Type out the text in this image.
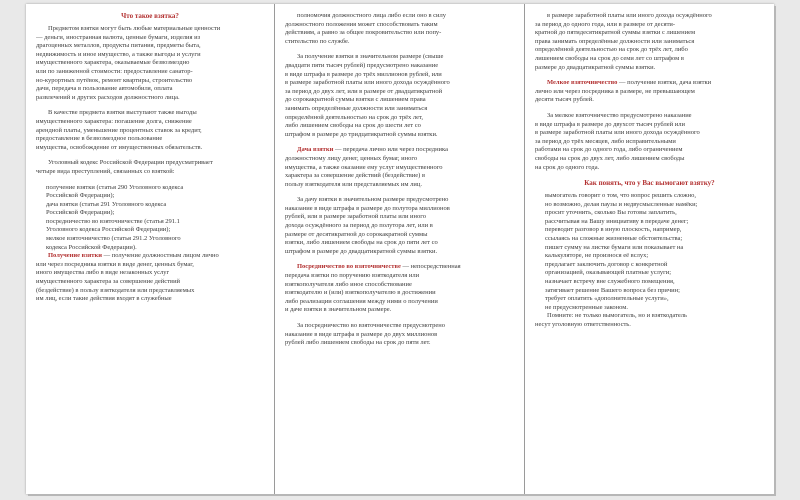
Что такое взятка?
Предметом взятки могут быть любые материальные ценности
— деньги, иностранная валюта, ценные бумаги, изделия из
драгоценных металлов, продукты питания, предметы быта,
недвижимость и иное имущество, а также выгоды и услуги
имущественного характера, оказываемые безвозмездно
или по заниженной стоимости: предоставление санатор-
но-курортных путёвок, ремонт квартиры, строительство
дачи, передача в пользование автомобиля, оплата
развлечений и других расходов должностного лица.
В качестве предмета взятки выступают также выгоды
имущественного характера: погашение долга, снижение
арендной платы, уменьшение процентных ставок за кредит,
предоставление в безвозмездное пользование
имущества, освобождение от имущественных обязательств.
Уголовный кодекс Российской Федерации предусматривает
четыре вида преступлений, связанных со взяткой:
получение взятки (статья 290 Уголовного кодекса
Российской Федерации);
дача взятки (статья 291 Уголовного кодекса
Российской Федерации);
посредничество во взяточничестве (статья 291.1
Уголовного кодекса Российской Федерации);
мелкое взяточничество (статья 291.2 Уголовного
кодекса Российской Федерации).
Получение взятки — получение должностным лицом лично
или через посредника взятки в виде денег, ценных бумаг,
иного имущества либо в виде незаконных услуг
имущественного характера за совершение действий
(бездействие) в пользу взяткодателя или представляемых
им лиц, если такие действия входят в служебные
полномочия должностного лица либо если оно в силу
должностного положения может способствовать таким
действиям, а равно за общее покровительство или попу-
стительство по службе.
За получение взятки в значительном размере (свыше
двадцати пяти тысяч рублей) предусмотрено наказание
в виде штрафа в размере до трёх миллионов рублей, или
в размере заработной платы или иного дохода осуждённого
за период до двух лет, или в размере от двадцатикратной
до сорокакратной суммы взятки с лишением права
занимать определённые должности или заниматься
определённой деятельностью на срок до трёх лет,
либо лишением свободы на срок до шести лет со
штрафом в размере до тридцатикратной суммы взятки.
Дача взятки — передача лично или через посредника
должностному лицу денег, ценных бумаг, иного
имущества, а также оказание ему услуг имущественного
характера за совершение действий (бездействие) в
пользу взяткодателя или представляемых им лиц.
За дачу взятки в значительном размере предусмотрено
наказание в виде штрафа в размере до полутора миллионов
рублей, или в размере заработной платы или иного
дохода осуждённого за период до полутора лет, или в
размере от десятикратной до сорокакратной суммы
взятки, либо лишением свободы на срок до пяти лет со
штрафом в размере до двадцатикратной суммы взятки.
Посредничество во взяточничестве — непосредственная
передача взятки по поручению взяткодателя или
взяткополучателя либо иное способствование
взяткодателю и (или) взяткополучателю в достижении
либо реализации соглашения между ними о получении
и даче взятки в значительном размере.
За посредничество во взяточничестве предусмотрено
наказание в виде штрафа в размере до двух миллионов
рублей либо лишением свободы на срок до пяти лет.
в размере заработной платы или иного дохода осуждённого
за период до одного года, или в размере от десяти-
кратной до пятидесятикратной суммы взятки с лишением
права занимать определённые должности или заниматься
определённой деятельностью на срок до трёх лет, либо
лишением свободы на срок до семи лет со штрафом в
размере до двадцатикратной суммы взятки.
Мелкое взяточничество — получение взятки, дача взятки
лично или через посредника в размере, не превышающем
десяти тысяч рублей.
За мелкое взяточничество предусмотрено наказание
в виде штрафа в размере до двухсот тысяч рублей или
в размере заработной платы или иного дохода осуждённого
за период до трёх месяцев, либо исправительными
работами на срок до одного года, либо ограничением
свободы на срок до двух лет, либо лишением свободы
на срок до одного года.
Как понять, что у Вас вымогают взятку?
вымогатель говорит о том, что вопрос решить сложно,
но возможно, делая паузы и недвусмысленные намёки;
просит уточнить, сколько Вы готовы заплатить,
рассчитывая на Вашу инициативу в передаче денег;
переводит разговор в иную плоскость, например,
ссылаясь на сложные жизненные обстоятельства;
пишет сумму на листке бумаги или показывает на
калькуляторе, не произнося её вслух;
предлагает заключить договор с конкретной
организацией, оказывающей платные услуги;
назначает встречу вне служебного помещения,
затягивает решение Вашего вопроса без причин;
требует оплатить «дополнительные услуги»,
не предусмотренные законом.
Помните: не только вымогатель, но и взяткодатель
несут уголовную ответственность.
